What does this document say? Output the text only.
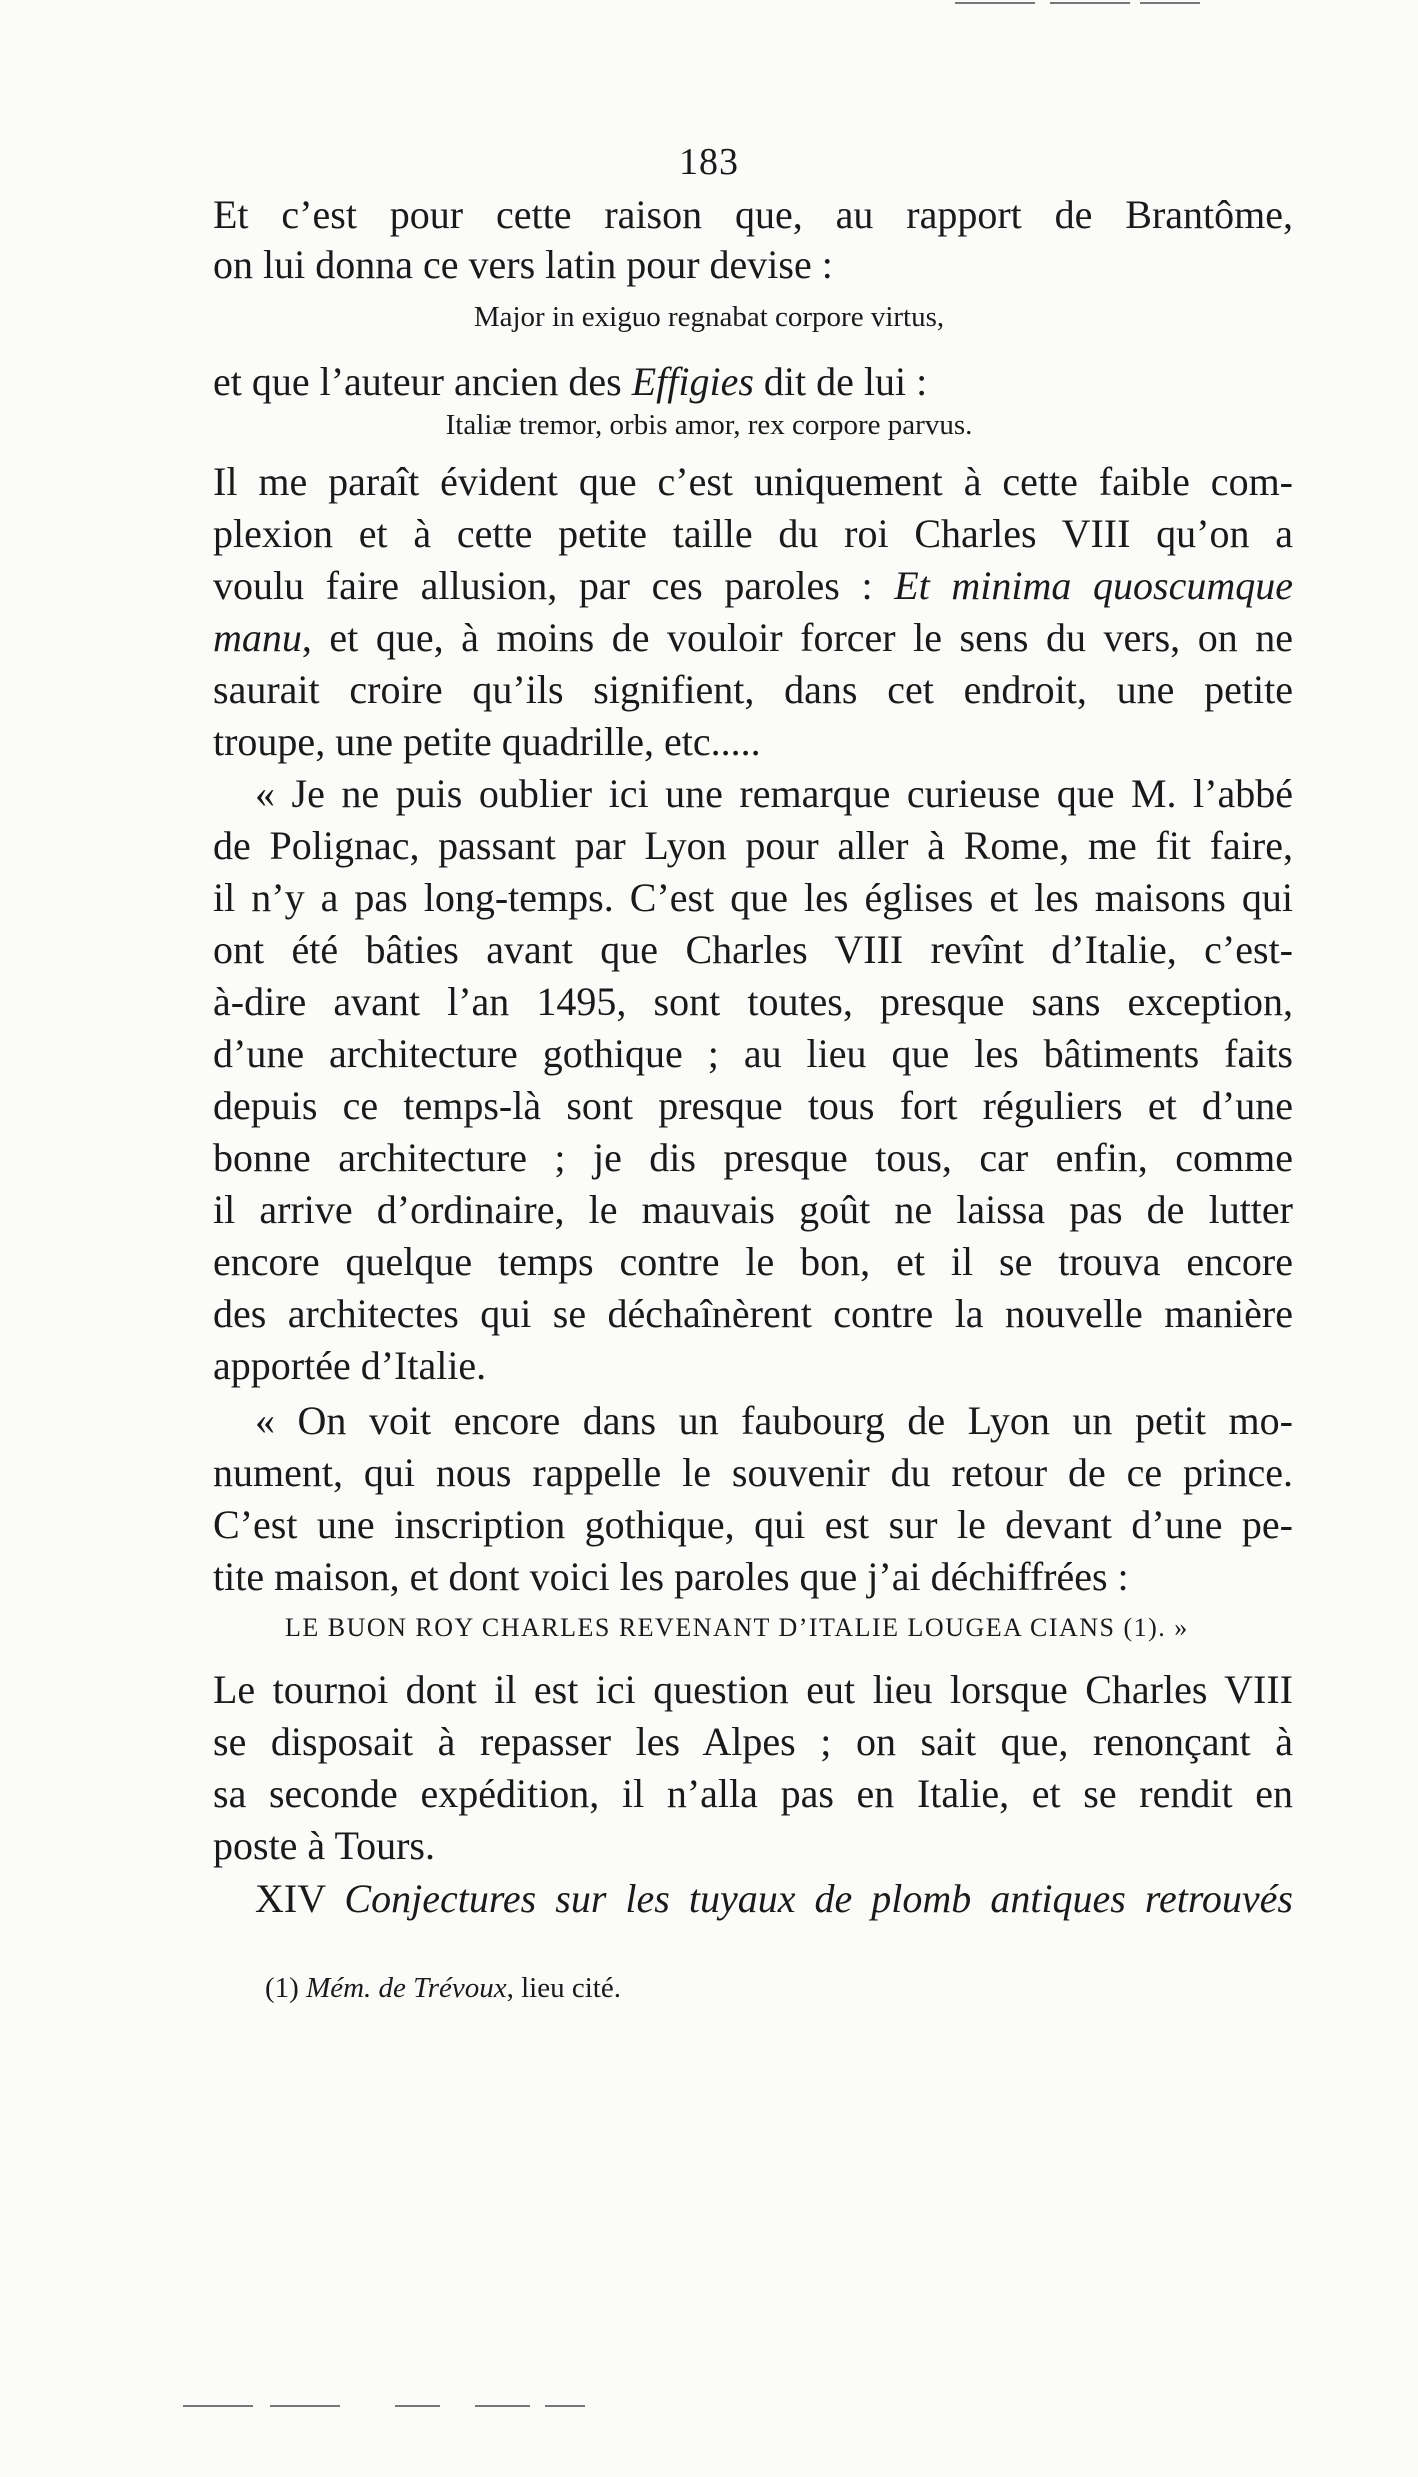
183
Et c’est pour cette raison que, au rapport de Brantôme,
on lui donna ce vers latin pour devise :
Major in exiguo regnabat corpore virtus,
et que l’auteur ancien des Effigies dit de lui :
Italiæ tremor, orbis amor, rex corpore parvus.
Il me paraît évident que c’est uniquement à cette faible com-
plexion et à cette petite taille du roi Charles VIII qu’on a
voulu faire allusion, par ces paroles : Et minima quoscumque
manu, et que, à moins de vouloir forcer le sens du vers, on ne
saurait croire qu’ils signifient, dans cet endroit, une petite
troupe, une petite quadrille, etc.....
« Je ne puis oublier ici une remarque curieuse que M. l’abbé
de Polignac, passant par Lyon pour aller à Rome, me fit faire,
il n’y a pas long-temps. C’est que les églises et les maisons qui
ont été bâties avant que Charles VIII revînt d’Italie, c’est-
à-dire avant l’an 1495, sont toutes, presque sans exception,
d’une architecture gothique ; au lieu que les bâtiments faits
depuis ce temps-là sont presque tous fort réguliers et d’une
bonne architecture ; je dis presque tous, car enfin, comme
il arrive d’ordinaire, le mauvais goût ne laissa pas de lutter
encore quelque temps contre le bon, et il se trouva encore
des architectes qui se déchaînèrent contre la nouvelle manière
apportée d’Italie.
« On voit encore dans un faubourg de Lyon un petit mo-
nument, qui nous rappelle le souvenir du retour de ce prince.
C’est une inscription gothique, qui est sur le devant d’une pe-
tite maison, et dont voici les paroles que j’ai déchiffrées :
LE BUON ROY CHARLES REVENANT D’ITALIE LOUGEA CIANS (1). »
Le tournoi dont il est ici question eut lieu lorsque Charles VIII
se disposait à repasser les Alpes ; on sait que, renonçant à
sa seconde expédition, il n’alla pas en Italie, et se rendit en
poste à Tours.
XIV Conjectures sur les tuyaux de plomb antiques retrouvés
(1) Mém. de Trévoux, lieu cité.
